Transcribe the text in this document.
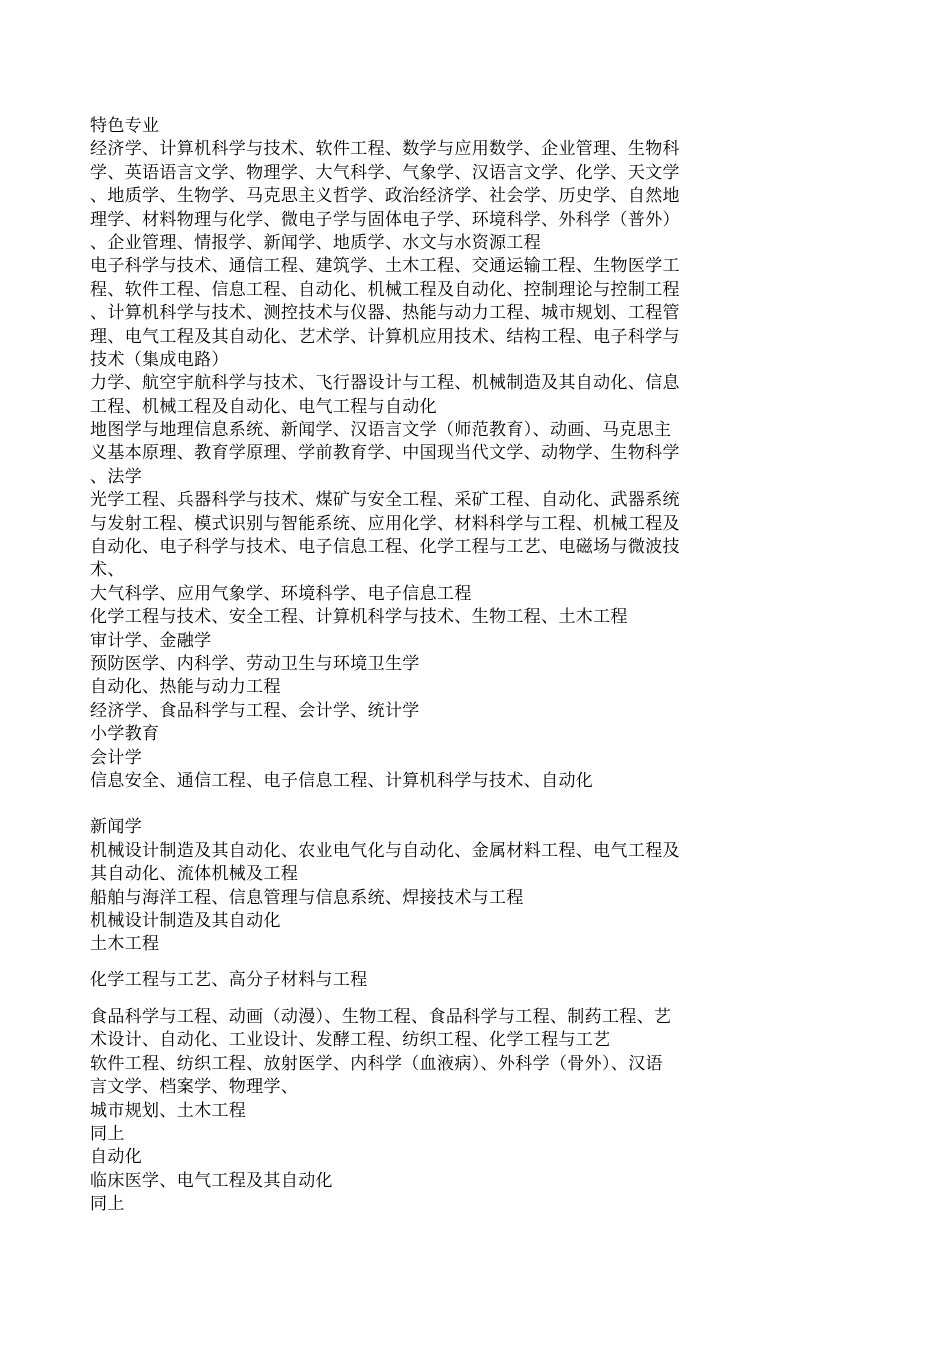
特色专业
经济学、计算机科学与技术、软件工程、数学与应用数学、企业管理、生物科
学、英语语言文学、物理学、大气科学、气象学、汉语言文学、化学、天文学
、地质学、生物学、马克思主义哲学、政治经济学、社会学、历史学、自然地
理学、材料物理与化学、微电子学与固体电子学、环境科学、外科学（普外）
、企业管理、情报学、新闻学、地质学、水文与水资源工程
电子科学与技术、通信工程、建筑学、土木工程、交通运输工程、生物医学工
程、软件工程、信息工程、自动化、机械工程及自动化、控制理论与控制工程
、计算机科学与技术、测控技术与仪器、热能与动力工程、城市规划、工程管
理、电气工程及其自动化、艺术学、计算机应用技术、结构工程、电子科学与
技术（集成电路）
力学、航空宇航科学与技术、飞行器设计与工程、机械制造及其自动化、信息
工程、机械工程及自动化、电气工程与自动化
地图学与地理信息系统、新闻学、汉语言文学（师范教育）、动画、马克思主
义基本原理、教育学原理、学前教育学、中国现当代文学、动物学、生物科学
、法学
光学工程、兵器科学与技术、煤矿与安全工程、采矿工程、自动化、武器系统
与发射工程、模式识别与智能系统、应用化学、材料科学与工程、机械工程及
自动化、电子科学与技术、电子信息工程、化学工程与工艺、电磁场与微波技
术、
大气科学、应用气象学、环境科学、电子信息工程
化学工程与技术、安全工程、计算机科学与技术、生物工程、土木工程
审计学、金融学
预防医学、内科学、劳动卫生与环境卫生学
自动化、热能与动力工程
经济学、食品科学与工程、会计学、统计学
小学教育
会计学
信息安全、通信工程、电子信息工程、计算机科学与技术、自动化
新闻学
机械设计制造及其自动化、农业电气化与自动化、金属材料工程、电气工程及
其自动化、流体机械及工程
船舶与海洋工程、信息管理与信息系统、焊接技术与工程
机械设计制造及其自动化
土木工程
化学工程与工艺、高分子材料与工程
食品科学与工程、动画（动漫）、生物工程、食品科学与工程、制药工程、艺
术设计、自动化、工业设计、发酵工程、纺织工程、化学工程与工艺
软件工程、纺织工程、放射医学、内科学（血液病）、外科学（骨外）、汉语
言文学、档案学、物理学、
城市规划、土木工程
同上
自动化
临床医学、电气工程及其自动化
同上
